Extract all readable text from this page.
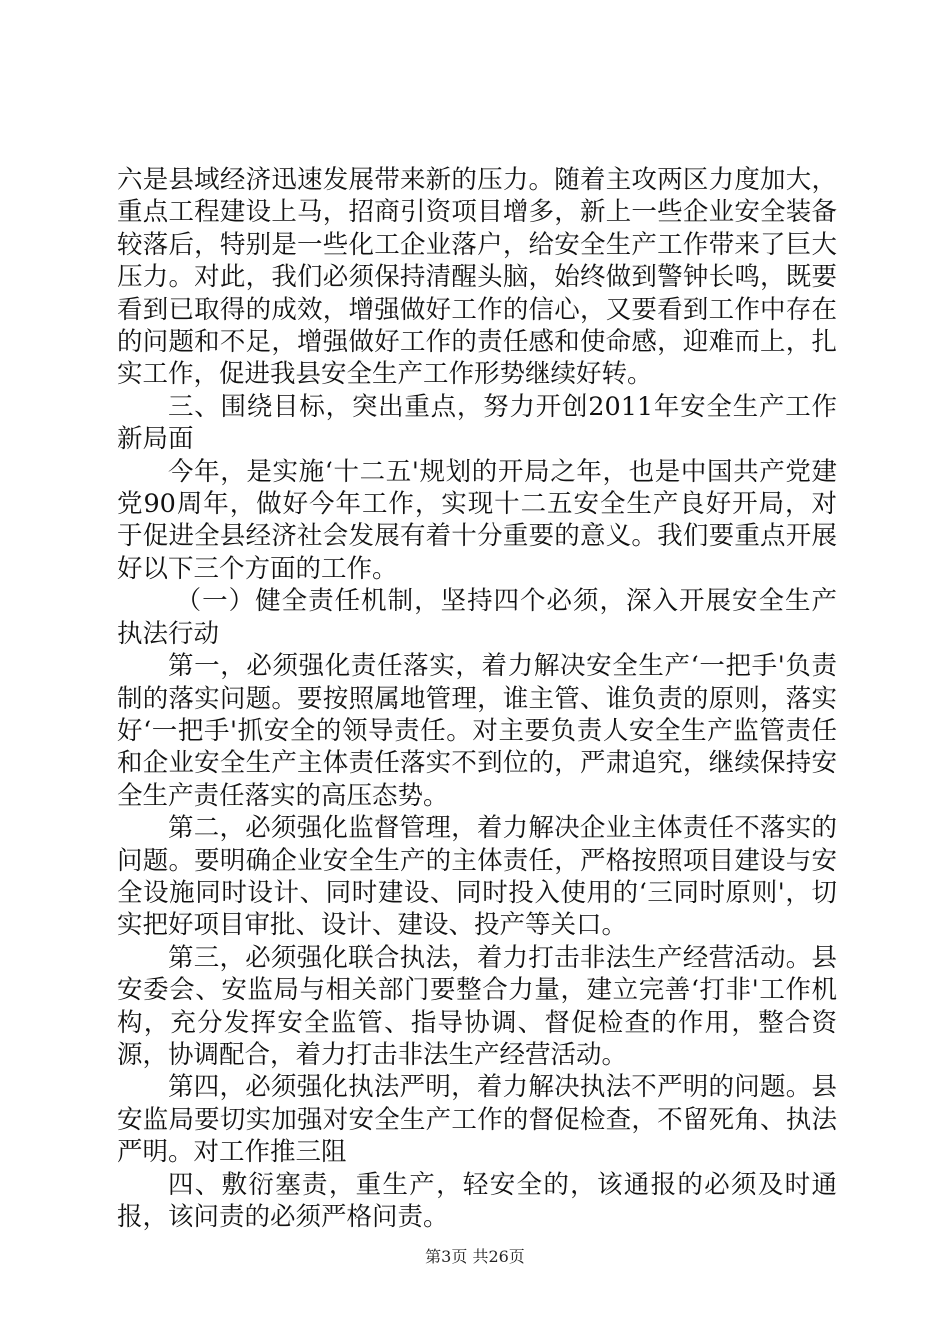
六是县域经济迅速发展带来新的压力。随着主攻两区力度加大，重点工程建设上马，招商引资项目增多，新上一些企业安全装备较落后，特别是一些化工企业落户，给安全生产工作带来了巨大压力。对此，我们必须保持清醒头脑，始终做到警钟长鸣，既要看到已取得的成效，增强做好工作的信心，又要看到工作中存在的问题和不足，增强做好工作的责任感和使命感，迎难而上，扎实工作，促进我县安全生产工作形势继续好转。

三、围绕目标，突出重点，努力开创2011年安全生产工作新局面

今年，是实施‘十二五'规划的开局之年，也是中国共产党建党90周年，做好今年工作，实现十二五安全生产良好开局，对于促进全县经济社会发展有着十分重要的意义。我们要重点开展好以下三个方面的工作。

（一）健全责任机制，坚持四个必须，深入开展安全生产执法行动

第一，必须强化责任落实，着力解决安全生产‘一把手'负责制的落实问题。要按照属地管理，谁主管、谁负责的原则，落实好‘一把手'抓安全的领导责任。对主要负责人安全生产监管责任和企业安全生产主体责任落实不到位的，严肃追究，继续保持安全生产责任落实的高压态势。

第二，必须强化监督管理，着力解决企业主体责任不落实的问题。要明确企业安全生产的主体责任，严格按照项目建设与安全设施同时设计、同时建设、同时投入使用的‘三同时原则'，切实把好项目审批、设计、建设、投产等关口。

第三，必须强化联合执法，着力打击非法生产经营活动。县安委会、安监局与相关部门要整合力量，建立完善‘打非'工作机构，充分发挥安全监管、指导协调、督促检查的作用，整合资源，协调配合，着力打击非法生产经营活动。

第四，必须强化执法严明，着力解决执法不严明的问题。县安监局要切实加强对安全生产工作的督促检查，不留死角、执法严明。对工作推三阻

四、敷衍塞责，重生产，轻安全的，该通报的必须及时通报，该问责的必须严格问责。

第3页 共26页
